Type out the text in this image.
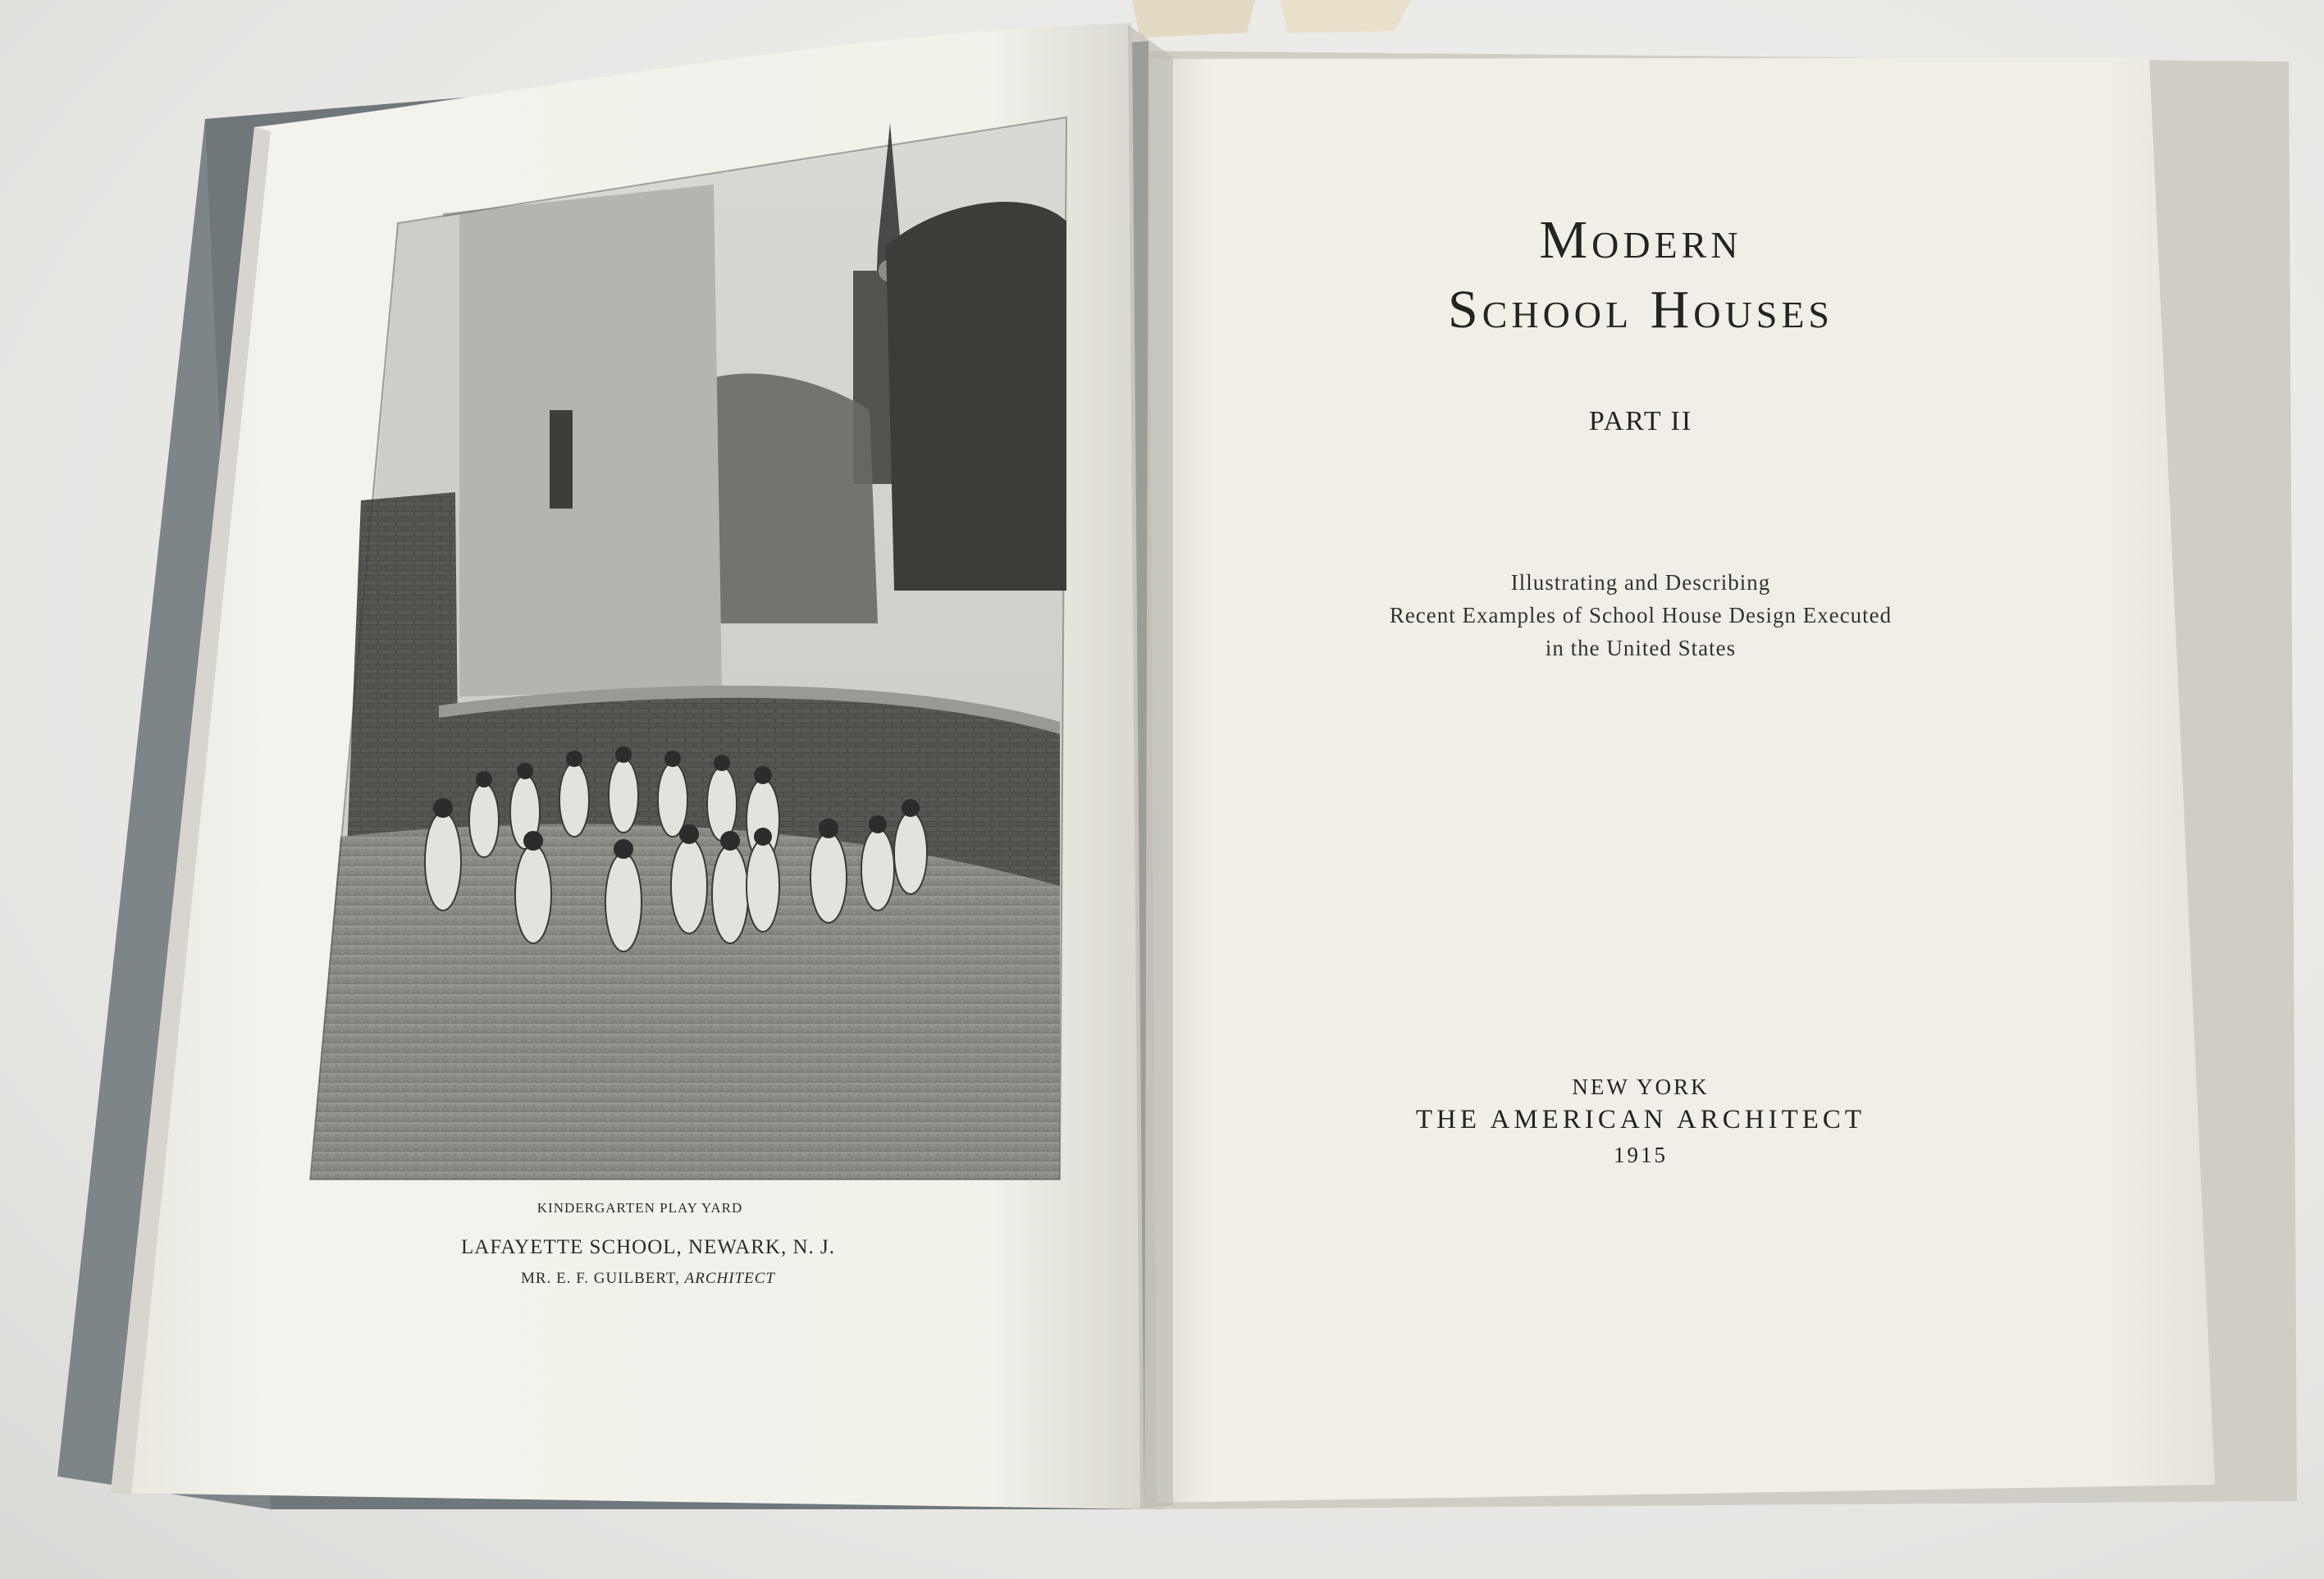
KINDERGARTEN PLAY YARD
LAFAYETTE SCHOOL, NEWARK, N. J.
MR. E. F. GUILBERT, ARCHITECT
Modern
School Houses
PART II
Illustrating and Describing
Recent Examples of School House Design Executed
in the United States
NEW YORK
THE AMERICAN ARCHITECT
1915
